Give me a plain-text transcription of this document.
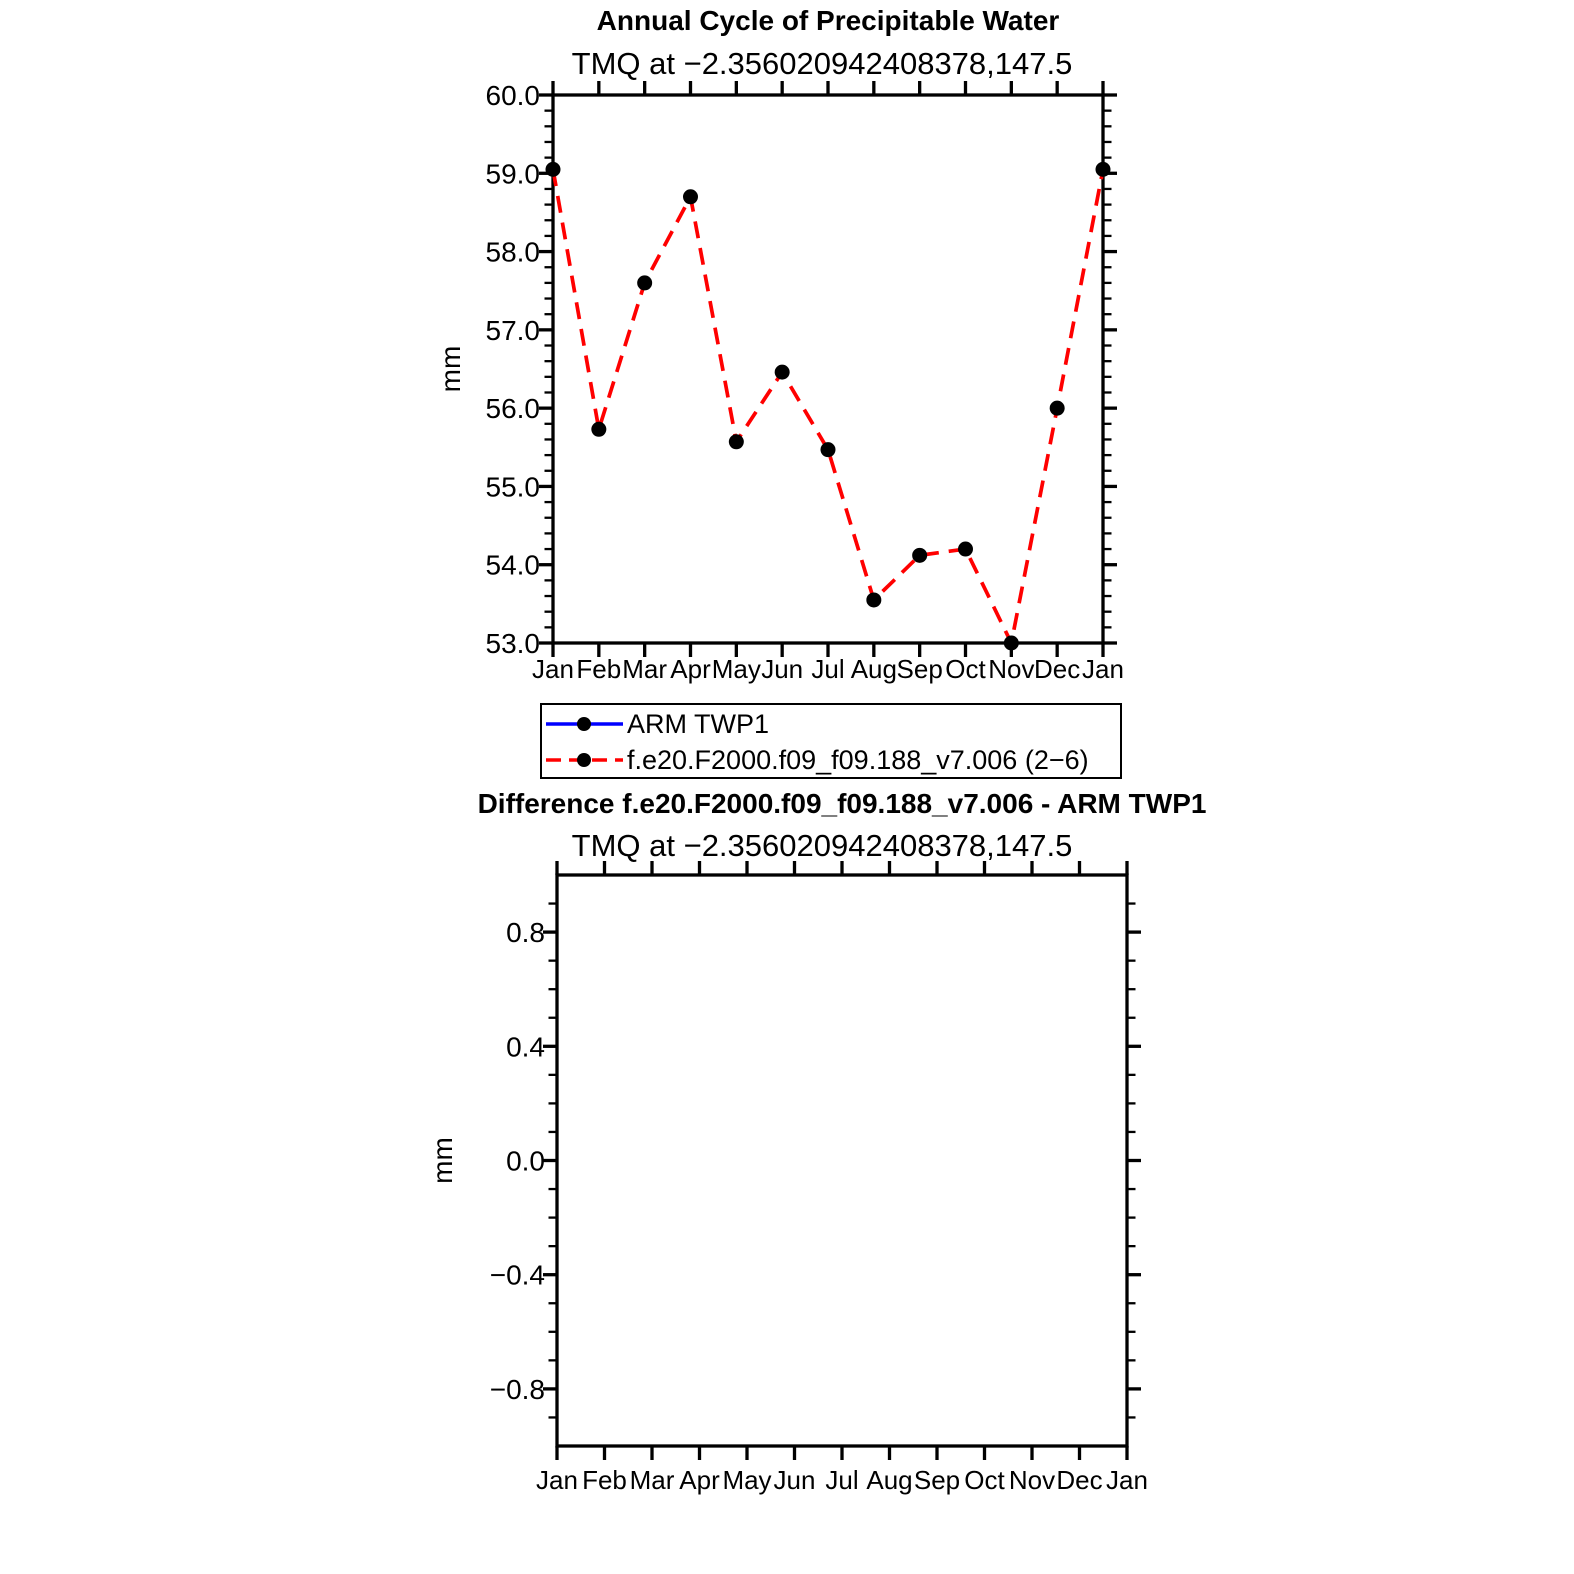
Annual Cycle of Precipitable Water
TMQ at −2.356020942408378,147.5
60.0
59.0
58.0
57.0
56.0
55.0
54.0
53.0
Jan Feb Mar Apr May Jun Jul Aug Sep Oct Nov Dec Jan
mm
ARM TWP1
f.e20.F2000.f09_f09.188_v7.006 (2−6)
Difference f.e20.F2000.f09_f09.188_v7.006 - ARM TWP1
TMQ at −2.356020942408378,147.5
0.8
0.4
0.0
−0.4
−0.8
Jan Feb Mar Apr May Jun Jul Aug Sep Oct Nov Dec Jan
mm
